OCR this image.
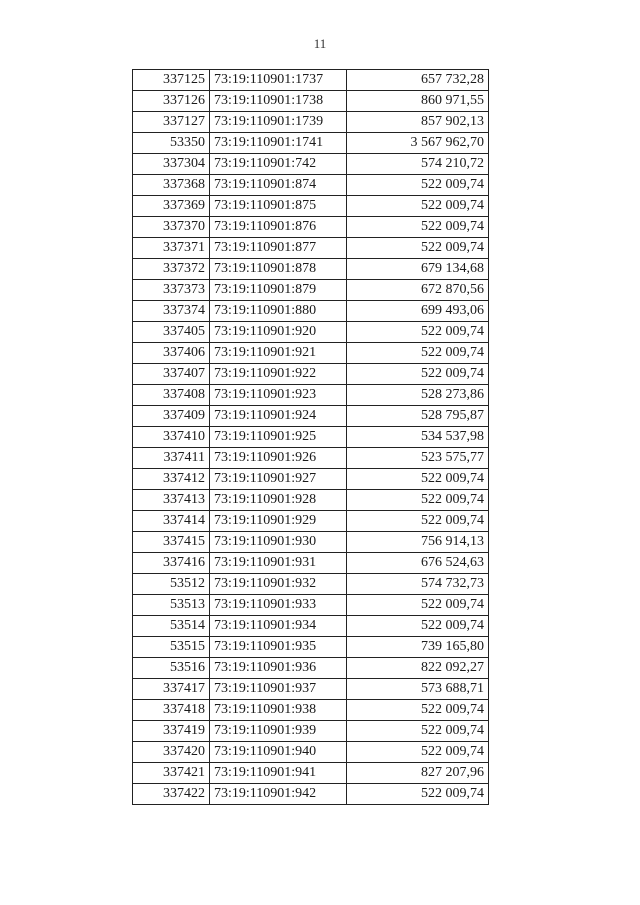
11
337125	73:19:110901:1737	657 732,28
337126	73:19:110901:1738	860 971,55
337127	73:19:110901:1739	857 902,13
53350	73:19:110901:1741	3 567 962,70
337304	73:19:110901:742	574 210,72
337368	73:19:110901:874	522 009,74
337369	73:19:110901:875	522 009,74
337370	73:19:110901:876	522 009,74
337371	73:19:110901:877	522 009,74
337372	73:19:110901:878	679 134,68
337373	73:19:110901:879	672 870,56
337374	73:19:110901:880	699 493,06
337405	73:19:110901:920	522 009,74
337406	73:19:110901:921	522 009,74
337407	73:19:110901:922	522 009,74
337408	73:19:110901:923	528 273,86
337409	73:19:110901:924	528 795,87
337410	73:19:110901:925	534 537,98
337411	73:19:110901:926	523 575,77
337412	73:19:110901:927	522 009,74
337413	73:19:110901:928	522 009,74
337414	73:19:110901:929	522 009,74
337415	73:19:110901:930	756 914,13
337416	73:19:110901:931	676 524,63
53512	73:19:110901:932	574 732,73
53513	73:19:110901:933	522 009,74
53514	73:19:110901:934	522 009,74
53515	73:19:110901:935	739 165,80
53516	73:19:110901:936	822 092,27
337417	73:19:110901:937	573 688,71
337418	73:19:110901:938	522 009,74
337419	73:19:110901:939	522 009,74
337420	73:19:110901:940	522 009,74
337421	73:19:110901:941	827 207,96
337422	73:19:110901:942	522 009,74
